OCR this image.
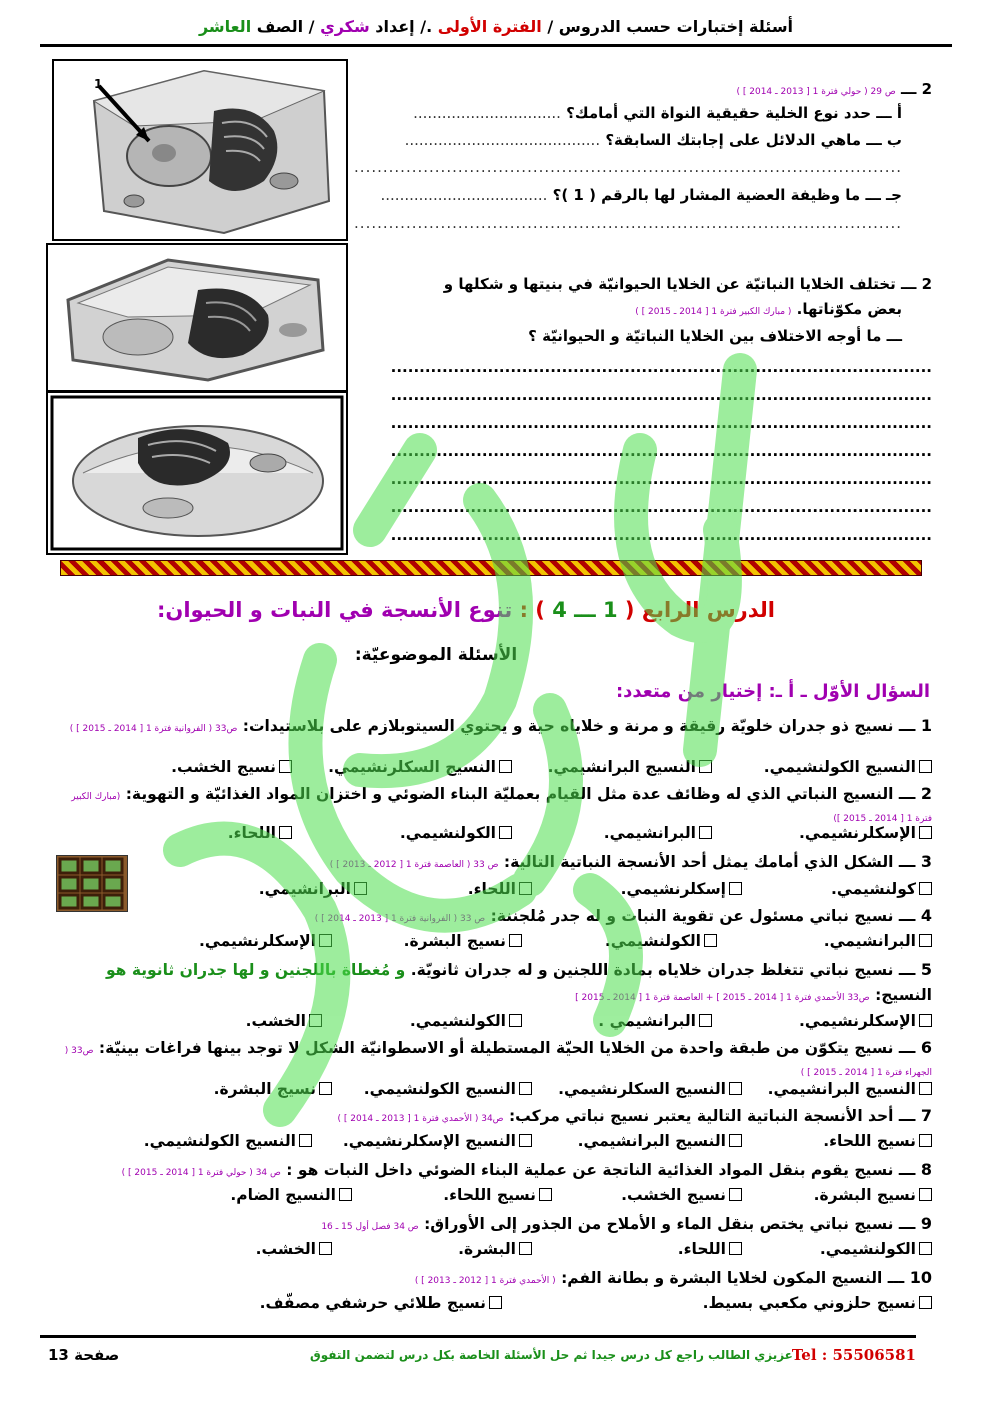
أسئلة إختبارات حسب الدروس / الفترة الأولى ./ إعداد شكري / الصف العاشر
1	2 ـــ ص 29 ( حولي فترة 1 [ 2013 ـ 2014 ] )
أ ـــ حدد نوع الخلية حقيقية النواة التي أمامك؟ ...............................
ب ـــ ماهي الدلائل على إجابتك السابقة؟ .........................................
...............................................................................................
جـ ـــ ما وظيفة العضية المشار لها بالرقم ( 1 )؟ ...................................
...............................................................................................
2 ـــ تختلف الخلايا النباتيّة عن الخلايا الحيوانيّة في بنيتها و شكلها و
بعض مكوّناتها. ( مبارك الكبير فترة 1 [ 2014 ـ 2015 ] )
ـــ ما أوجه الاختلاف بين الخلايا النباتيّة و الحيوانيّة ؟
...............................................................................................
...............................................................................................
...............................................................................................
...............................................................................................
...............................................................................................
...............................................................................................
...............................................................................................
الدرس الرابع ( 1 ـــ 4 ) : تنوع الأنسجة في النبات و الحيوان:
الأسئلة الموضوعيّة:
السؤال الأوّل ـ أ ـ: إختيار من متعدد:
1 ـــ نسيج ذو جدران خلويّة رقيقة و مرنة و خلاياه حية و يحتوي السيتوبلازم على بلاستيدات: ص33 ( الفروانية فترة 1 [ 2014 ـ 2015 ] )
النسيج الكولنشيمي.
النسيج البرانشيمي.
النسيج السكلرنشيمي.
نسيج الخشب.
2 ـــ النسيج النباتي الذي له وظائف عدة مثل القيام بعمليّة البناء الضوئي و اختزان المواد الغذائيّة و التهوية: (مبارك الكبير فترة 1 [ 2014 ـ 2015 ])
الإسكلرنشيمي.
البرانشيمي.
الكولنشيمي.
اللحاء.
3 ـــ الشكل الذي أمامك يمثل أحد الأنسجة النباتية التالية: ص 33 ( العاصمة فترة 1 [ 2012 ـ 2013 ] )
كولنشيمي.
إسكلرنشيمي.
اللحاء.
البرانشيمي.
4 ـــ نسيج نباتي مسئول عن تقوية النبات و له جدر مُلجننة: ص 33 ( الفروانية فترة 1 [ 2013 ـ 2014 ] )
البرانشيمي.
الكولنشيمي.
نسيج البشرة.
الإسكلرنشيمي.
5 ـــ نسيج نباتي تتغلظ جدران خلاياه بمادة اللجنين و له جدران ثانويّة. و مُغطاة باللجنين و لها جدران ثانوية هو
النسيج: ص33 الأحمدي فترة 1 [ 2014 ـ 2015 ] + العاصمة فترة 1 [ 2014 ـ 2015 ]
الإسكلرنشيمي.
البرانشيمي .
الكولنشيمي.
الخشب.
6 ـــ نسيج يتكوّن من طبقة واحدة من الخلايا الحيّة المستطيلة أو الاسطوانيّة الشكل لا توجد بينها فراغات بينيّة: ص33 ( الجهراء فترة 1 [ 2014 ـ 2015 ] )
النسيج البرانشيمي.
النسيج السكلرنشيمي.
النسيج الكولنشيمي.
نسيج البشرة.
7 ـــ أحد الأنسجة النباتية التالية يعتبر نسيج نباتي مركب: ص34 ( الأحمدي فترة 1 [ 2013 ـ 2014 ] )
نسيج اللحاء.
النسيج البرانشيمي.
النسيج الإسكلرنشيمي.
النسيج الكولنشيمي.
8 ـــ نسيج يقوم بنقل المواد الغذائية الناتجة عن عملية البناء الضوئي داخل النبات هو : ص 34 ( حولي فترة 1 [ 2014 ـ 2015 ] )
نسيج البشرة.
نسيج الخشب.
نسيج اللحاء.
النسيج الضام.
9 ـــ نسيج نباتي يختص بنقل الماء و الأملاح من الجذور إلى الأوراق: ص 34 فصل أول 15 ـ 16
الكولنشيمي.
اللحاء.
البشرة.
الخشب.
10 ـــ النسيج المكون لخلايا البشرة و بطانة الفم: ( الأحمدي فترة 1 [ 2012 ـ 2013 ] )
نسيج حلزوني مكعبي بسيط.
نسيج طلائي حرشفي مصفّف.
صفحة 13	عزيزي الطالب راجع كل درس جيدا ثم حل الأسئلة الخاصة بكل درس لتضمن التفوق
Tel : 55506581
